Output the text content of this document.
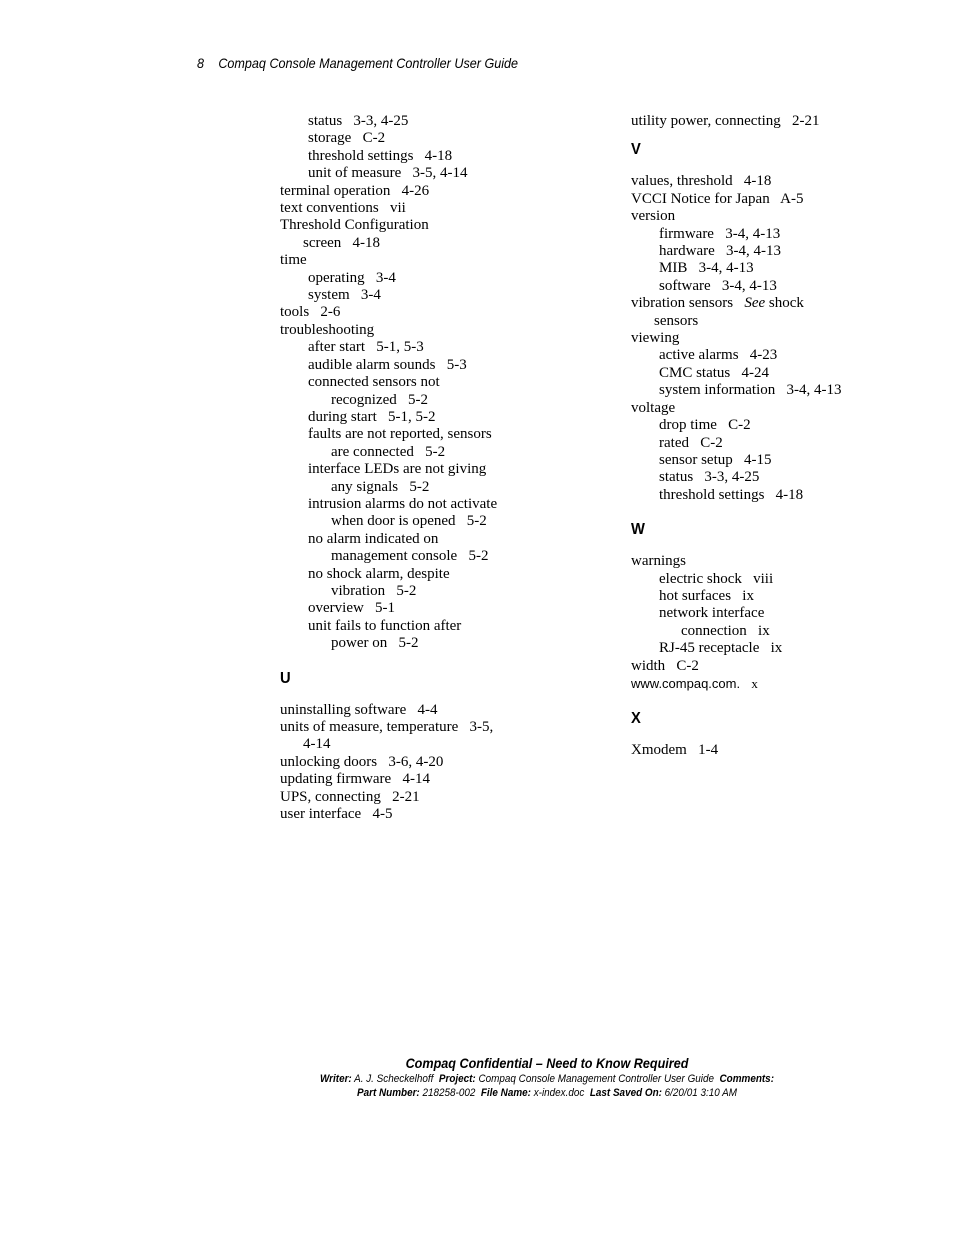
8 Compaq Console Management Controller User Guide
status   3-3, 4-25
storage   C-2
threshold settings   4-18
unit of measure   3-5, 4-14
terminal operation   4-26
text conventions   vii
Threshold Configuration
screen   4-18
time
operating   3-4
system   3-4
tools   2-6
troubleshooting
after start   5-1, 5-3
audible alarm sounds   5-3
connected sensors not
recognized   5-2
during start   5-1, 5-2
faults are not reported, sensors
are connected   5-2
interface LEDs are not giving
any signals   5-2
intrusion alarms do not activate
when door is opened   5-2
no alarm indicated on
management console   5-2
no shock alarm, despite
vibration   5-2
overview   5-1
unit fails to function after
power on   5-2
U
uninstalling software   4-4
units of measure, temperature   3-5,
4-14
unlocking doors   3-6, 4-20
updating firmware   4-14
UPS, connecting   2-21
user interface   4-5
utility power, connecting   2-21
V
values, threshold   4-18
VCCI Notice for Japan   A-5
version
firmware   3-4, 4-13
hardware   3-4, 4-13
MIB   3-4, 4-13
software   3-4, 4-13
vibration sensors   See shock
sensors
viewing
active alarms   4-23
CMC status   4-24
system information   3-4, 4-13
voltage
drop time   C-2
rated   C-2
sensor setup   4-15
status   3-3, 4-25
threshold settings   4-18
W
warnings
electric shock   viii
hot surfaces   ix
network interface
connection   ix
RJ-45 receptacle   ix
width   C-2
www.compaq.com. x
X
Xmodem   1-4
Compaq Confidential – Need to Know Required
Writer: A. J. Scheckelhoff Project: Compaq Console Management Controller User Guide Comments:
Part Number: 218258-002 File Name: x-index.doc Last Saved On: 6/20/01 3:10 AM
